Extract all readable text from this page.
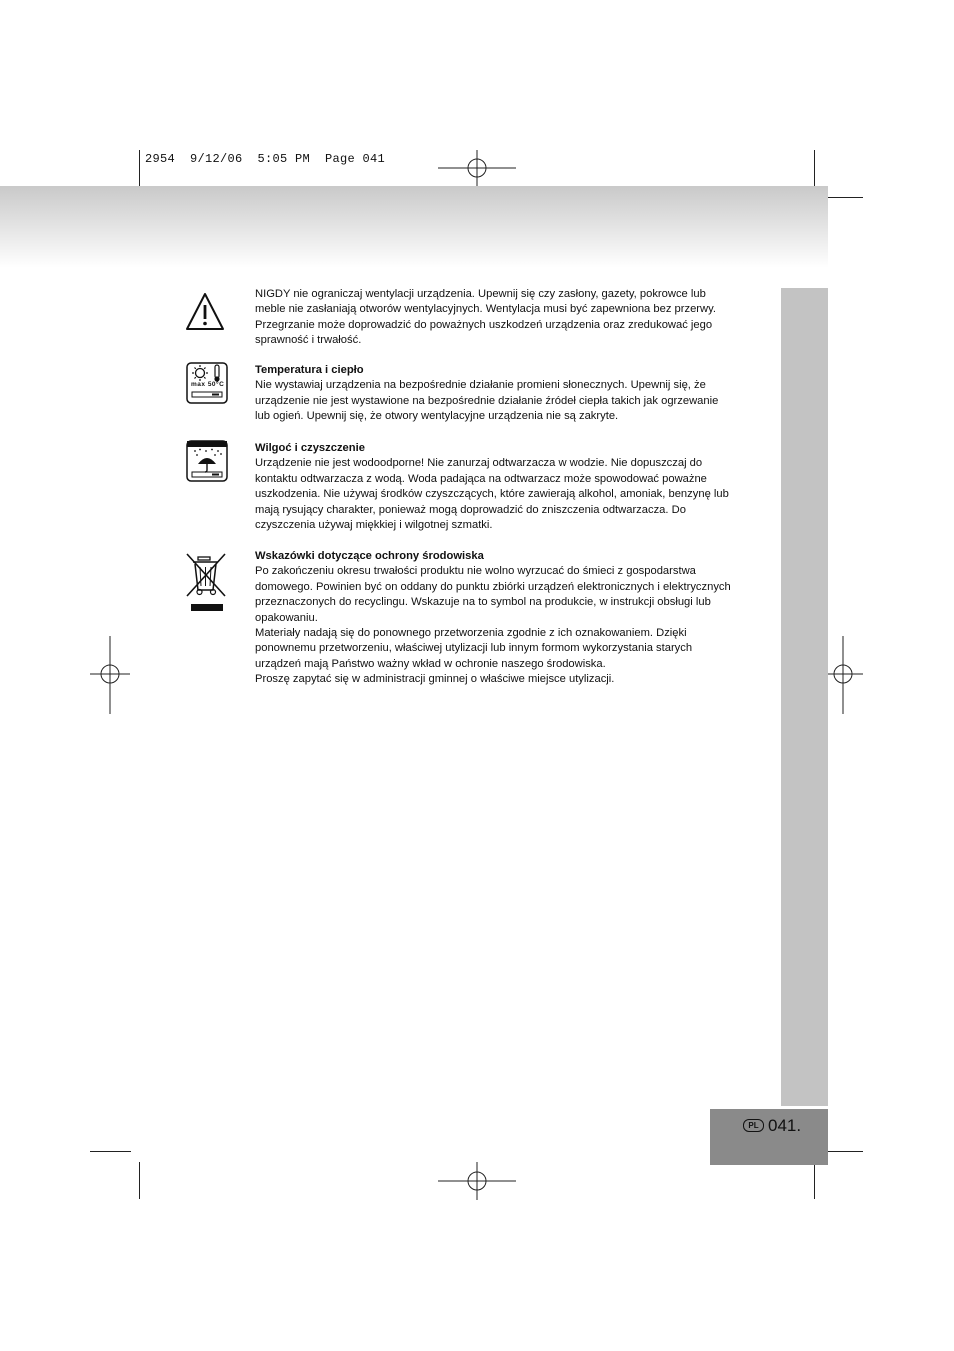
2954  9/12/06  5:05 PM  Page 041
PL 041.

NIGDY nie ograniczaj wentylacji urządzenia. Upewnij się czy zasłony, gazety, pokrowce lub

meble nie zasłaniają otworów wentylacyjnych. Wentylacja musi być zapewniona bez przerwy.

Przegrzanie może doprowadzić do poważnych uszkodzeń urządzenia oraz zredukować jego

sprawność i trwałość.

max 50°C

Temperatura i ciepło

Nie wystawiaj urządzenia na bezpośrednie działanie promieni słonecznych. Upewnij się, że

urządzenie nie jest wystawione na bezpośrednie działanie źródeł ciepła takich jak ogrzewanie

lub ogień. Upewnij się, że otwory wentylacyjne urządzenia nie są zakryte.

Wilgoć i czyszczenie

Urządzenie nie jest wodoodporne! Nie zanurzaj odtwarzacza w wodzie. Nie dopuszczaj do

kontaktu odtwarzacza z wodą. Woda padająca na odtwarzacz może spowodować poważne

uszkodzenia. Nie używaj środków czyszczących, które zawierają alkohol, amoniak, benzynę lub

mają rysujący charakter, ponieważ mogą doprowadzić do zniszczenia odtwarzacza. Do

czyszczenia używaj miękkiej i wilgotnej szmatki.

Wskazówki dotyczące ochrony środowiska

Po zakończeniu okresu trwałości produktu nie wolno wyrzucać do śmieci z gospodarstwa

domowego. Powinien być on oddany do punktu zbiórki urządzeń elektronicznych i elektrycznych

przeznaczonych do recyclingu. Wskazuje na to symbol na produkcie, w instrukcji obsługi lub

opakowaniu.

Materiały nadają się do ponownego przetworzenia zgodnie z ich oznakowaniem. Dzięki

ponownemu przetworzeniu, właściwej utylizacji lub innym formom wykorzystania starych

urządzeń mają Państwo ważny wkład w ochronie naszego środowiska.

Proszę zapytać się w administracji gminnej o właściwe miejsce utylizacji.
